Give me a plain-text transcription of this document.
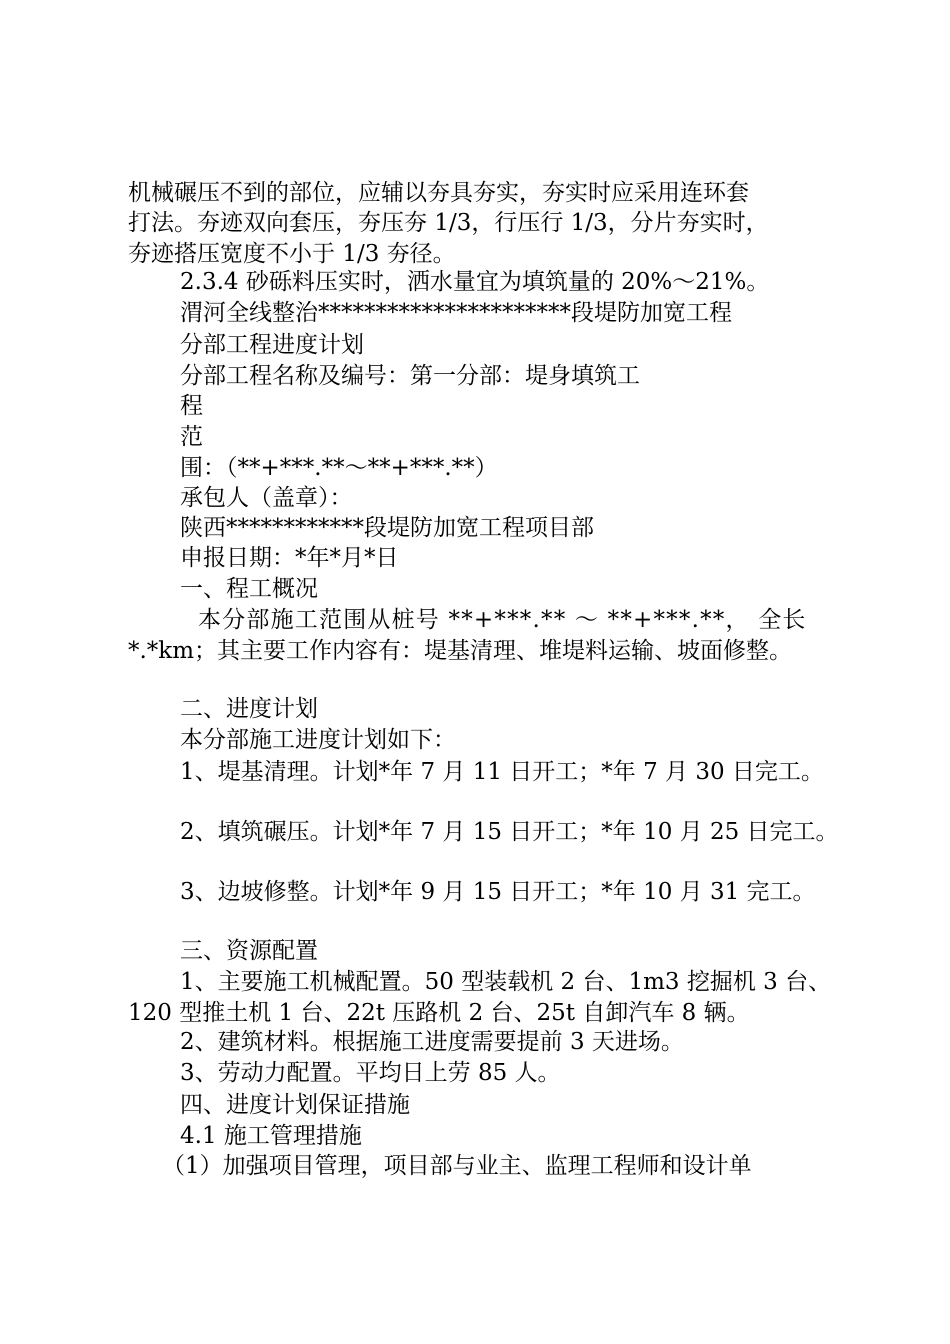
机械碾压不到的部位，应辅以夯具夯实，夯实时应采用连环套
打法。夯迹双向套压，夯压夯 1/3，行压行 1/3，分片夯实时，
夯迹搭压宽度不小于 1/3 夯径。
2.3.4 砂砾料压实时，洒水量宜为填筑量的 20%～21%。
渭河全线整治**********************段堤防加宽工程
分部工程进度计划
分部工程名称及编号：第一分部：堤身填筑工
程
范
围：（**+***.**～**+***.**）
承包人（盖章）：
陕西************段堤防加宽工程项目部
申报日期：*年*月*日
一、程工概况
本分部施工范围从桩号 **+***.** ～ **+***.**， 全长
*.*km；其主要工作内容有：堤基清理、堆堤料运输、坡面修整。
二、进度计划
本分部施工进度计划如下：
1、堤基清理。计划*年 7 月 11 日开工；*年 7 月 30 日完工。
2、填筑碾压。计划*年 7 月 15 日开工；*年 10 月 25 日完工。
3、边坡修整。计划*年 9 月 15 日开工；*年 10 月 31 完工。
三、资源配置
1、主要施工机械配置。50 型装载机 2 台、1m3 挖掘机 3 台、
120 型推土机 1 台、22t 压路机 2 台、25t 自卸汽车 8 辆。
2、建筑材料。根据施工进度需要提前 3 天进场。
3、劳动力配置。平均日上劳 85 人。
四、进度计划保证措施
4.1 施工管理措施
（1）加强项目管理，项目部与业主、监理工程师和设计单
